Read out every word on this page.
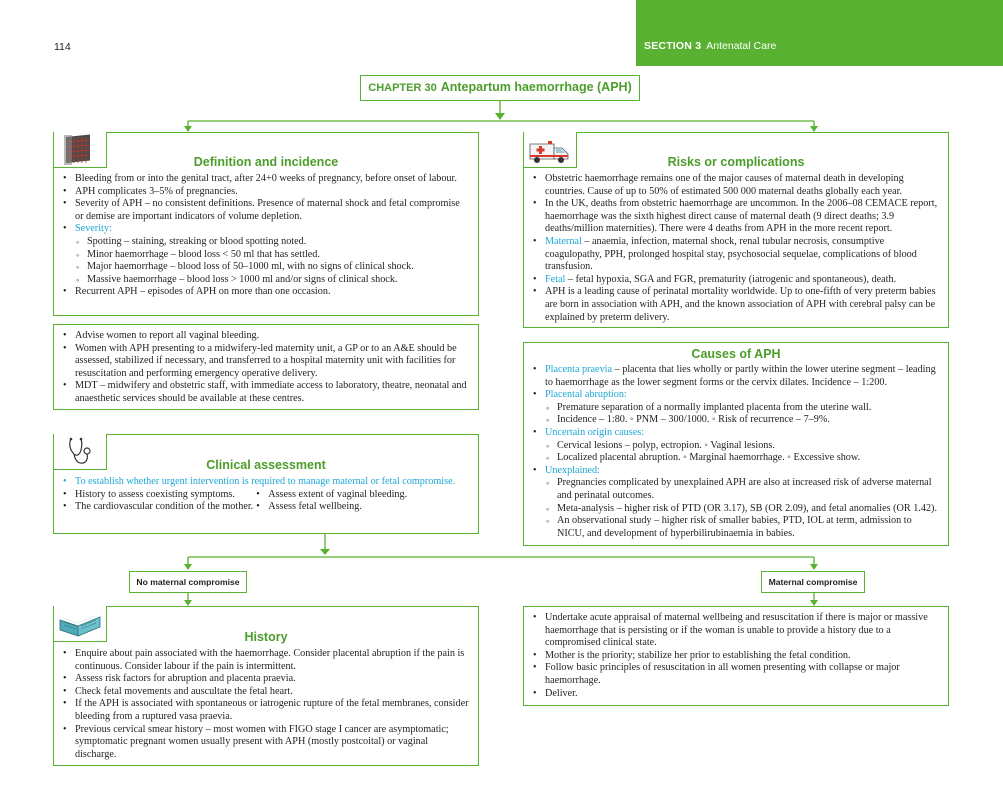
114	SECTION 3 Antenatal Care
CHAPTER 30 Antepartum haemorrhage (APH)
Definition and incidence
• Bleeding from or into the genital tract, after 24+0 weeks of pregnancy, before onset of labour.
• APH complicates 3–5% of pregnancies.
• Severity of APH – no consistent definitions. Presence of maternal shock and fetal compromise or demise are important indicators of volume depletion.
• Severity:
◦ Spotting – staining, streaking or blood spotting noted.
◦ Minor haemorrhage – blood loss < 50 ml that has settled.
◦ Major haemorrhage – blood loss of 50–1000 ml, with no signs of clinical shock.
◦ Massive haemorrhage – blood loss > 1000 ml and/or signs of clinical shock.
• Recurrent APH – episodes of APH on more than one occasion.
• Advise women to report all vaginal bleeding.
• Women with APH presenting to a midwifery-led maternity unit, a GP or to an A&E should be assessed, stabilized if necessary, and transferred to a hospital maternity unit with facilities for resuscitation and performing emergency operative delivery.
• MDT – midwifery and obstetric staff, with immediate access to laboratory, theatre, neonatal and anaesthetic services should be available at these centres.
Clinical assessment
• To establish whether urgent intervention is required to manage maternal or fetal compromise.
• History to assess coexisting symptoms.
• The cardiovascular condition of the mother.
• Assess extent of vaginal bleeding.
• Assess fetal wellbeing.
Risks or complications
• Obstetric haemorrhage remains one of the major causes of maternal death in developing countries. Cause of up to 50% of estimated 500 000 maternal deaths globally each year.
• In the UK, deaths from obstetric haemorrhage are uncommon. In the 2006–08 CEMACE report, haemorrhage was the sixth highest direct cause of maternal death (9 direct deaths; 3.9 deaths/million maternities). There were 4 deaths from APH in the more recent report.
• Maternal – anaemia, infection, maternal shock, renal tubular necrosis, consumptive coagulopathy, PPH, prolonged hospital stay, psychosocial sequelae, complications of blood transfusion.
• Fetal – fetal hypoxia, SGA and FGR, prematurity (iatrogenic and spontaneous), death.
• APH is a leading cause of perinatal mortality worldwide. Up to one-fifth of very preterm babies are born in association with APH, and the known association of APH with cerebral palsy can be explained by preterm delivery.
Causes of APH
• Placenta praevia – placenta that lies wholly or partly within the lower uterine segment – leading to haemorrhage as the lower segment forms or the cervix dilates. Incidence – 1:200.
• Placental abruption:
◦ Premature separation of a normally implanted placenta from the uterine wall.
◦ Incidence – 1:80. ◦ PNM – 300/1000. ◦ Risk of recurrence – 7–9%.
• Uncertain origin causes:
◦ Cervical lesions – polyp, ectropion. ◦ Vaginal lesions.
◦ Localized placental abruption. ◦ Marginal haemorrhage. ◦ Excessive show.
• Unexplained:
◦ Pregnancies complicated by unexplained APH are also at increased risk of adverse maternal and perinatal outcomes.
◦ Meta-analysis – higher risk of PTD (OR 3.17), SB (OR 2.09), and fetal anomalies (OR 1.42).
◦ An observational study – higher risk of smaller babies, PTD, IOL at term, admission to NICU, and development of hyperbilirubinaemia in babies.
No maternal compromise	Maternal compromise
History
• Enquire about pain associated with the haemorrhage. Consider placental abruption if the pain is continuous. Consider labour if the pain is intermittent.
• Assess risk factors for abruption and placenta praevia.
• Check fetal movements and auscultate the fetal heart.
• If the APH is associated with spontaneous or iatrogenic rupture of the fetal membranes, consider bleeding from a ruptured vasa praevia.
• Previous cervical smear history – most women with FIGO stage I cancer are asymptomatic; symptomatic pregnant women usually present with APH (mostly postcoital) or vaginal discharge.
• Undertake acute appraisal of maternal wellbeing and resuscitation if there is major or massive haemorrhage that is persisting or if the woman is unable to provide a history due to a compromised clinical state.
• Mother is the priority; stabilize her prior to establishing the fetal condition.
• Follow basic principles of resuscitation in all women presenting with collapse or major haemorrhage.
• Deliver.
